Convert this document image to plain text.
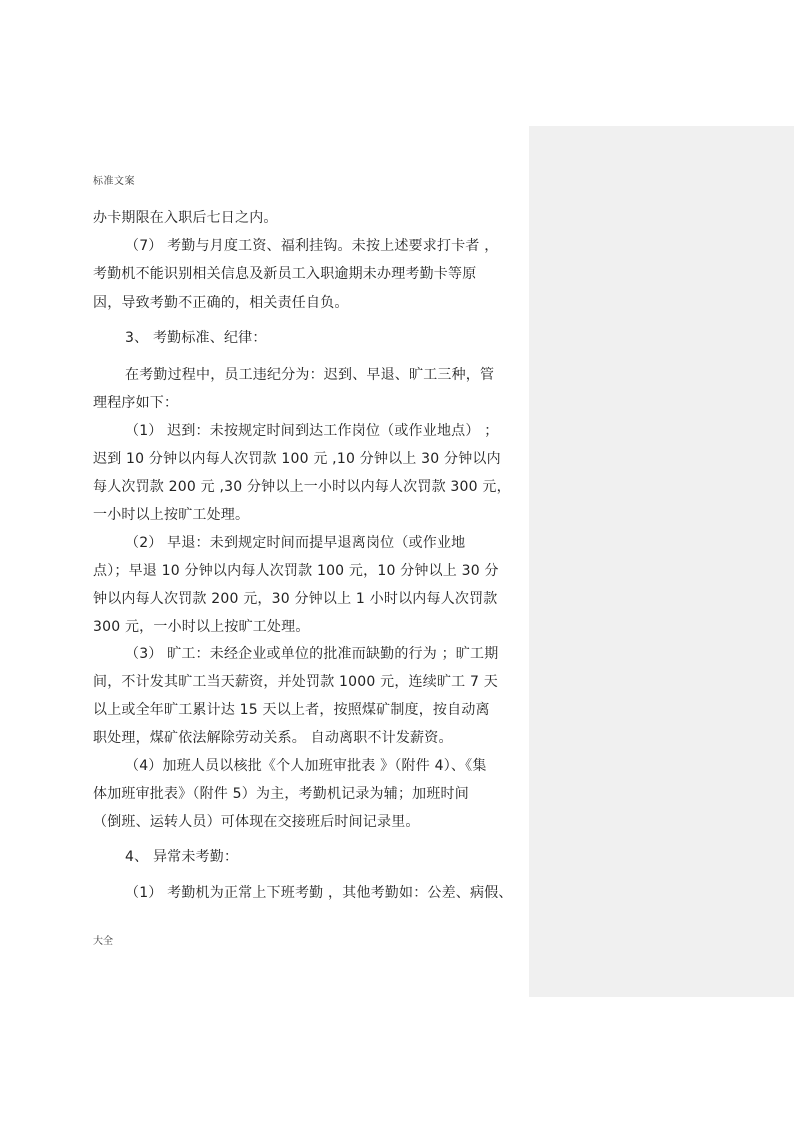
标准文案
办卡期限在入职后七日之内。
（7） 考勤与月度工资、福利挂钩。未按上述要求打卡者 ，
考勤机不能识别相关信息及新员工入职逾期未办理考勤卡等原
因，导致考勤不正确的，相关责任自负。
3、 考勤标准、纪律：
在考勤过程中，员工违纪分为：迟到、早退、旷工三种，管
理程序如下：
（1） 迟到：未按规定时间到达工作岗位（或作业地点） ；
迟到 10 分钟以内每人次罚款 100 元 ,10 分钟以上 30 分钟以内
每人次罚款 200 元 ,30 分钟以上一小时以内每人次罚款 300 元，
一小时以上按旷工处理。
（2） 早退：未到规定时间而提早退离岗位（或作业地
点）；早退 10 分钟以内每人次罚款 100 元，10 分钟以上 30 分
钟以内每人次罚款 200 元，30 分钟以上 1 小时以内每人次罚款
300 元，一小时以上按旷工处理。
（3） 旷工：未经企业或单位的批准而缺勤的行为 ；旷工期
间，不计发其旷工当天薪资，并处罚款 1000 元，连续旷工 7 天
以上或全年旷工累计达 15 天以上者，按照煤矿制度，按自动离
职处理，煤矿依法解除劳动关系。 自动离职不计发薪资。
（4）加班人员以核批《个人加班审批表 》（附件 4）、《集
体加班审批表》（附件 5）为主，考勤机记录为辅；加班时间
（倒班、运转人员）可体现在交接班后时间记录里。
4、 异常未考勤：
（1） 考勤机为正常上下班考勤 ，其他考勤如：公差、病假、
大全
